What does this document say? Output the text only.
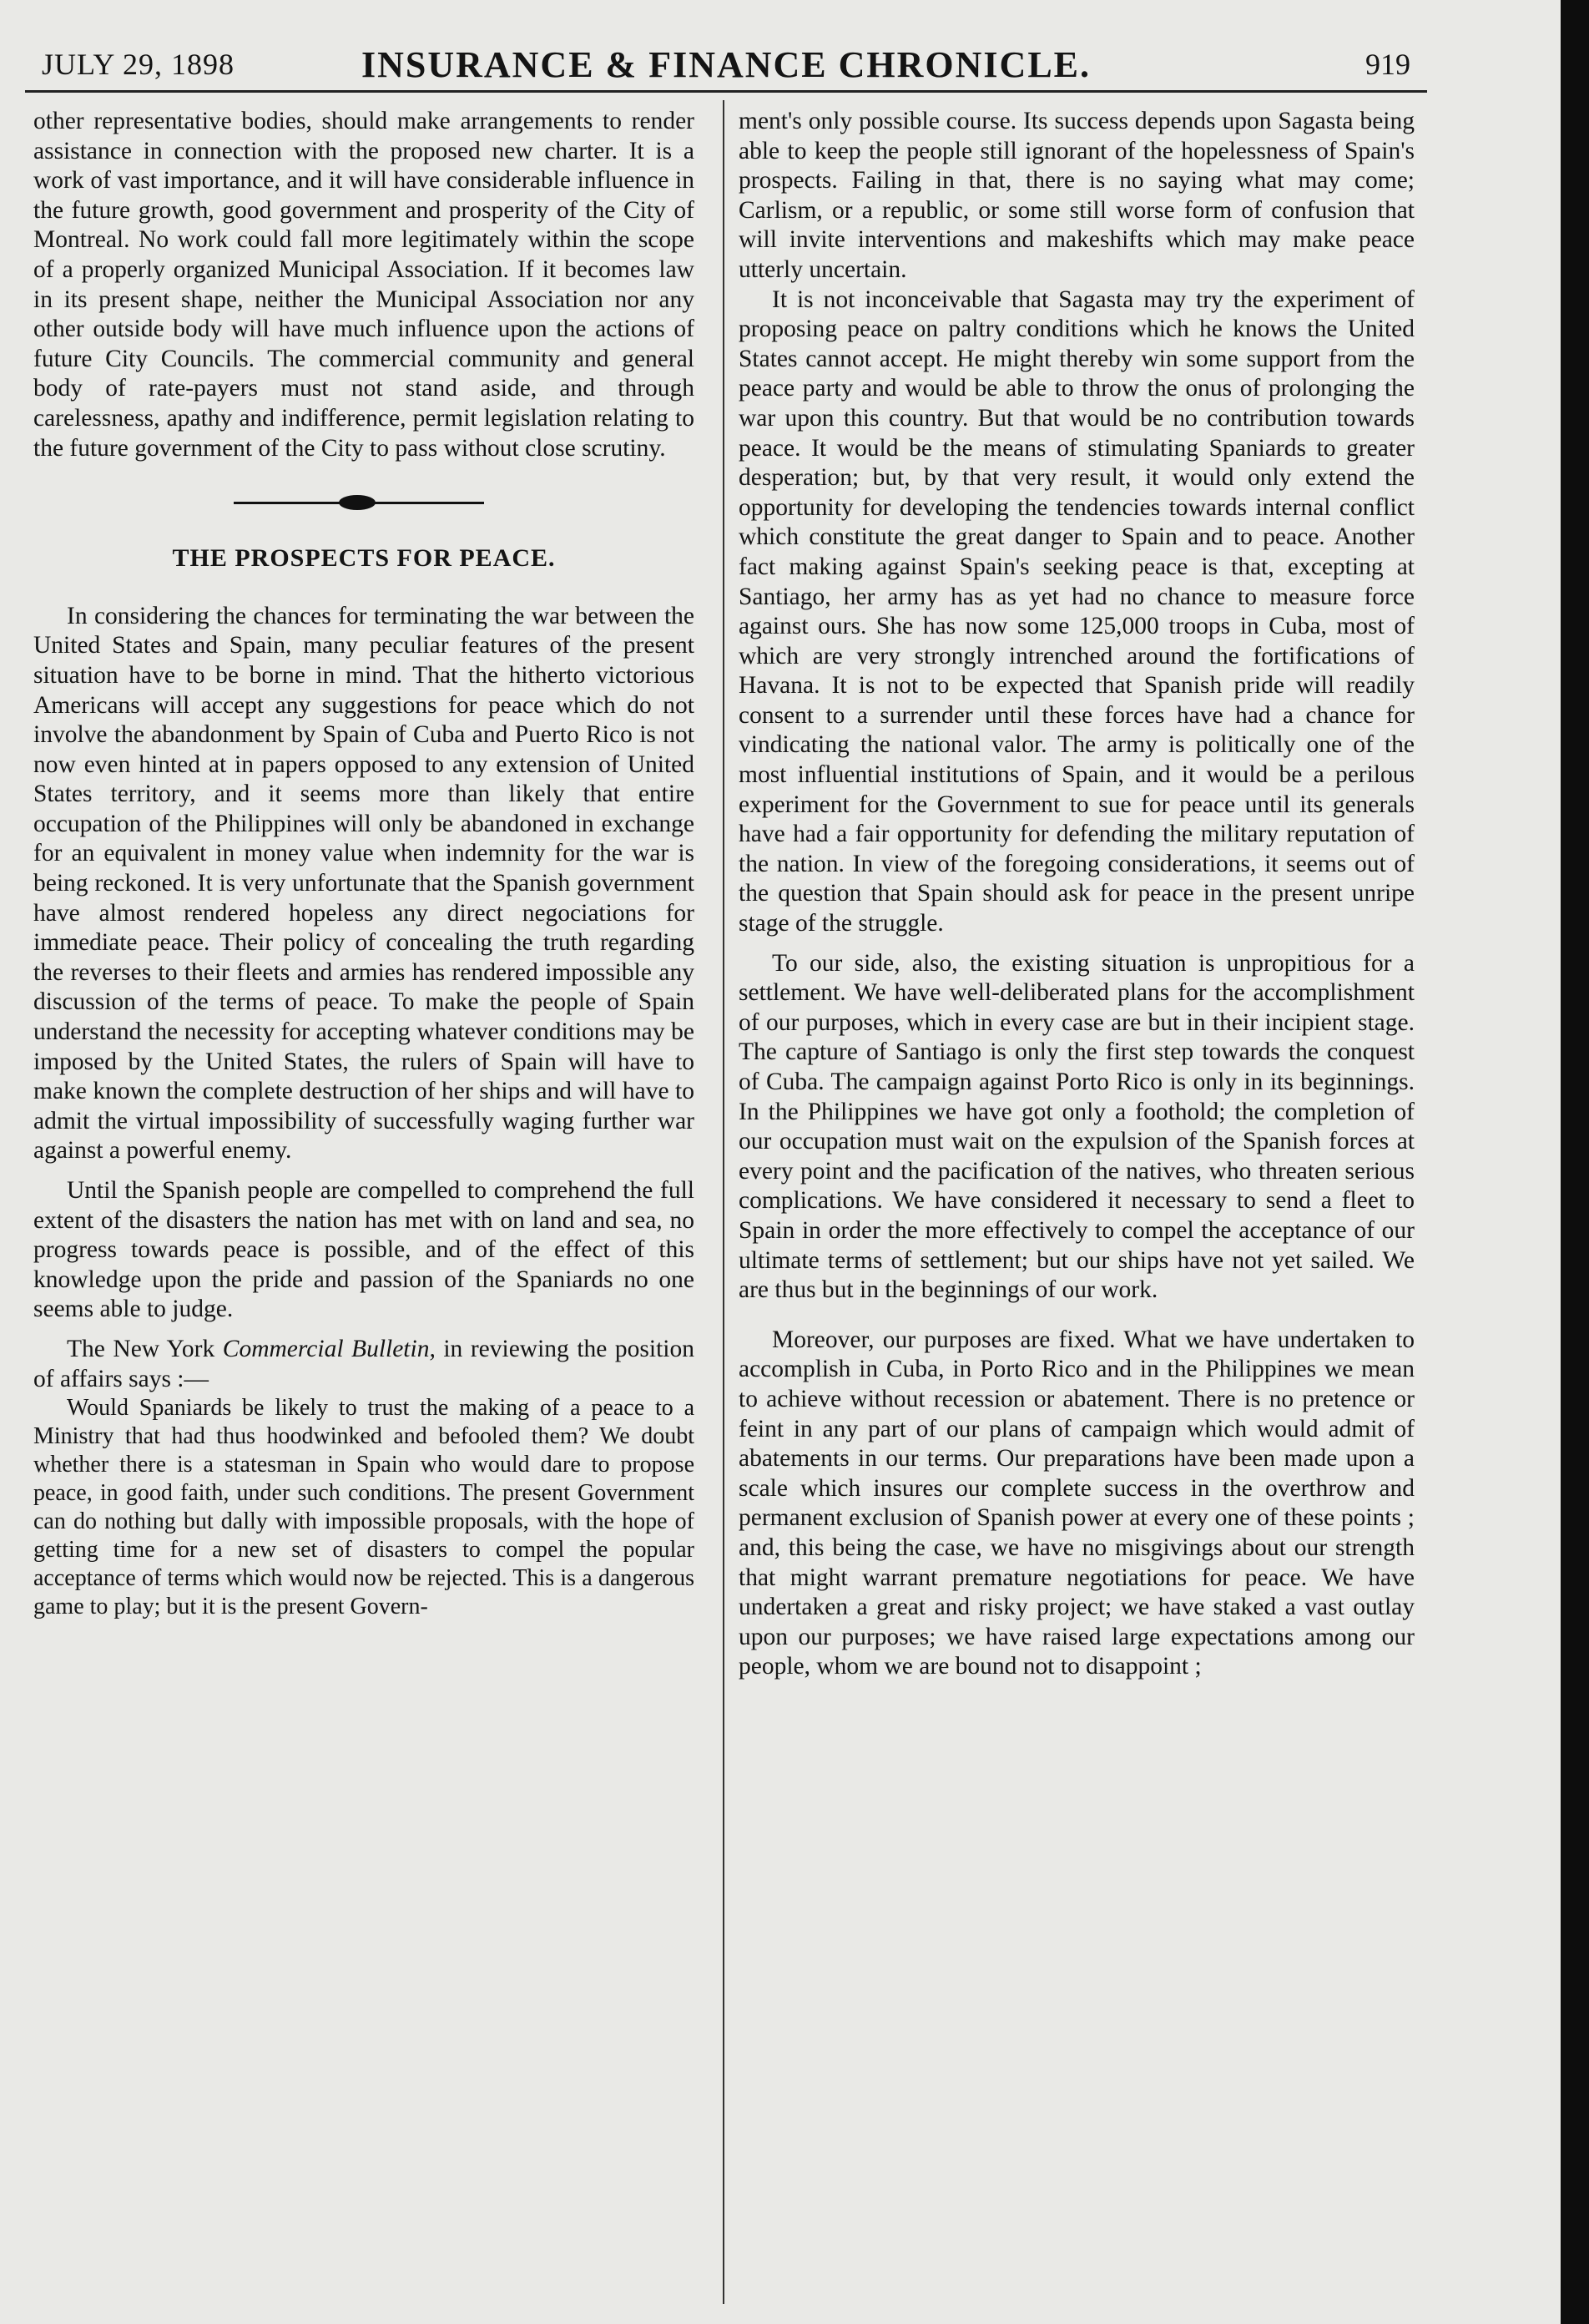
JULY 29, 1898	INSURANCE & FINANCE CHRONICLE.	919

other representative bodies, should make arrangements to render assistance in connection with the proposed new charter. It is a work of vast importance, and it will have considerable influence in the future growth, good government and prosperity of the City of Montreal. No work could fall more legitimately within the scope of a properly organized Municipal Association. If it becomes law in its present shape, neither the Municipal Association nor any other outside body will have much influence upon the actions of future City Councils. The commercial community and general body of rate-payers must not stand aside, and through carelessness, apathy and indifference, permit legislation relating to the future government of the City to pass without close scrutiny.

THE PROSPECTS FOR PEACE.

In considering the chances for terminating the war between the United States and Spain, many peculiar features of the present situation have to be borne in mind. That the hitherto victorious Americans will accept any suggestions for peace which do not involve the abandonment by Spain of Cuba and Puerto Rico is not now even hinted at in papers opposed to any extension of United States territory, and it seems more than likely that entire occupation of the Philippines will only be abandoned in exchange for an equivalent in money value when indemnity for the war is being reckoned. It is very unfortunate that the Spanish government have almost rendered hopeless any direct negociations for immediate peace. Their policy of concealing the truth regarding the reverses to their fleets and armies has rendered impossible any discussion of the terms of peace. To make the people of Spain understand the necessity for accepting whatever conditions may be imposed by the United States, the rulers of Spain will have to make known the complete destruction of her ships and will have to admit the virtual impossibility of successfully waging further war against a powerful enemy.

Until the Spanish people are compelled to comprehend the full extent of the disasters the nation has met with on land and sea, no progress towards peace is possible, and of the effect of this knowledge upon the pride and passion of the Spaniards no one seems able to judge.

The New York Commercial Bulletin, in reviewing the position of affairs says :—

Would Spaniards be likely to trust the making of a peace to a Ministry that had thus hoodwinked and befooled them? We doubt whether there is a statesman in Spain who would dare to propose peace, in good faith, under such conditions. The present Government can do nothing but dally with impossible proposals, with the hope of getting time for a new set of disasters to compel the popular acceptance of terms which would now be rejected. This is a dangerous game to play; but it is the present Govern-

ment's only possible course. Its success depends upon Sagasta being able to keep the people still ignorant of the hopelessness of Spain's prospects. Failing in that, there is no saying what may come; Carlism, or a republic, or some still worse form of confusion that will invite interventions and makeshifts which may make peace utterly uncertain.

It is not inconceivable that Sagasta may try the experiment of proposing peace on paltry conditions which he knows the United States cannot accept. He might thereby win some support from the peace party and would be able to throw the onus of prolonging the war upon this country. But that would be no contribution towards peace. It would be the means of stimulating Spaniards to greater desperation; but, by that very result, it would only extend the opportunity for developing the tendencies towards internal conflict which constitute the great danger to Spain and to peace. Another fact making against Spain's seeking peace is that, excepting at Santiago, her army has as yet had no chance to measure force against ours. She has now some 125,000 troops in Cuba, most of which are very strongly intrenched around the fortifications of Havana. It is not to be expected that Spanish pride will readily consent to a surrender until these forces have had a chance for vindicating the national valor. The army is politically one of the most influential institutions of Spain, and it would be a perilous experiment for the Government to sue for peace until its generals have had a fair opportunity for defending the military reputation of the nation. In view of the foregoing considerations, it seems out of the question that Spain should ask for peace in the present unripe stage of the struggle.

To our side, also, the existing situation is unpropitious for a settlement. We have well-deliberated plans for the accomplishment of our purposes, which in every case are but in their incipient stage. The capture of Santiago is only the first step towards the conquest of Cuba. The campaign against Porto Rico is only in its beginnings. In the Philippines we have got only a foothold; the completion of our occupation must wait on the expulsion of the Spanish forces at every point and the pacification of the natives, who threaten serious complications. We have considered it necessary to send a fleet to Spain in order the more effectively to compel the acceptance of our ultimate terms of settlement; but our ships have not yet sailed. We are thus but in the beginnings of our work.

Moreover, our purposes are fixed. What we have undertaken to accomplish in Cuba, in Porto Rico and in the Philippines we mean to achieve without recession or abatement. There is no pretence or feint in any part of our plans of campaign which would admit of abatements in our terms. Our preparations have been made upon a scale which insures our complete success in the overthrow and permanent exclusion of Spanish power at every one of these points ; and, this being the case, we have no misgivings about our strength that might warrant premature negotiations for peace. We have undertaken a great and risky project; we have staked a vast outlay upon our purposes; we have raised large expectations among our people, whom we are bound not to disappoint ;
